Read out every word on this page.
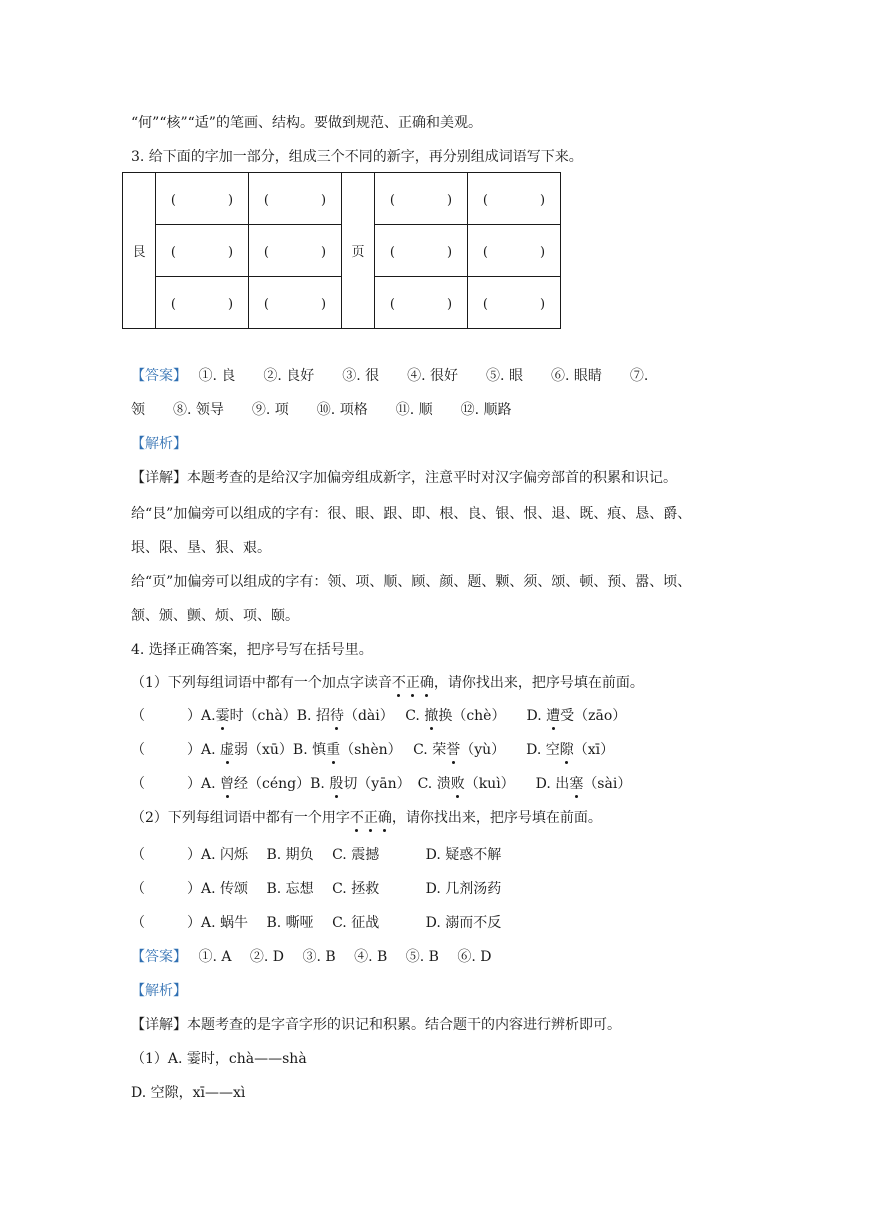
“何”“核”“适”的笔画、结构。要做到规范、正确和美观。
3. 给下面的字加一部分，组成三个不同的新字，再分别组成词语写下来。
艮	(　　　　)	(　　　　)	页	(　　　　)	(　　　　)
	(　　　　)	(　　　　)		(　　　　)	(　　　　)
	(　　　　)	(　　　　)		(　　　　)	(　　　　)
【答案】　 ①. 良　　②. 良好　　③. 很　　④. 很好　　⑤. 眼　　⑥. 眼睛　　⑦.
领　　⑧. 领导　　⑨. 项　　⑩. 项格　　⑪. 顺　　⑫. 顺路
【解析】
【详解】本题考查的是给汉字加偏旁组成新字，注意平时对汉字偏旁部首的积累和识记。
给“艮”加偏旁可以组成的字有：很、眼、跟、即、根、良、银、恨、退、既、痕、恳、爵、
垠、限、垦、狠、艰。
给“页”加偏旁可以组成的字有：领、项、顺、顾、颜、题、颗、须、颂、顿、预、嚣、顷、
颔、颁、颤、烦、项、颐。
4. 选择正确答案，把序号写在括号里。
（1）下列每组词语中都有一个加点字读音不正确，请你找出来，把序号填在前面。
（　　　）A.霎时（chà）B. 招待（dài）　 C. 撤换（chè）　　D. 遭受（zāo）
（　　　）A. 虚弱（xū）B. 慎重（shèn）　 C. 荣誉（yù）　　D. 空隙（xī）
（　　　）A. 曾经（céng）B. 殷切（yān）　C. 溃败（kuì）　　D. 出塞（sài）
（2）下列每组词语中都有一个用字不正确，请你找出来，把序号填在前面。
（　　　）A. 闪烁　 B. 期负　 C. 震撼　　　 D. 疑惑不解
（　　　）A. 传颂　 B. 忘想　 C. 拯救　　　 D. 几剂汤药
（　　　）A. 蜗牛　 B. 嘶哑　 C. 征战　　　 D. 溺而不反
【答案】　 ①. A　 ②. D　 ③. B　 ④. B　 ⑤. B　 ⑥. D
【解析】
【详解】本题考查的是字音字形的识记和积累。结合题干的内容进行辨析即可。
（1）A. 霎时，chà——shà
D. 空隙，xī——xì
